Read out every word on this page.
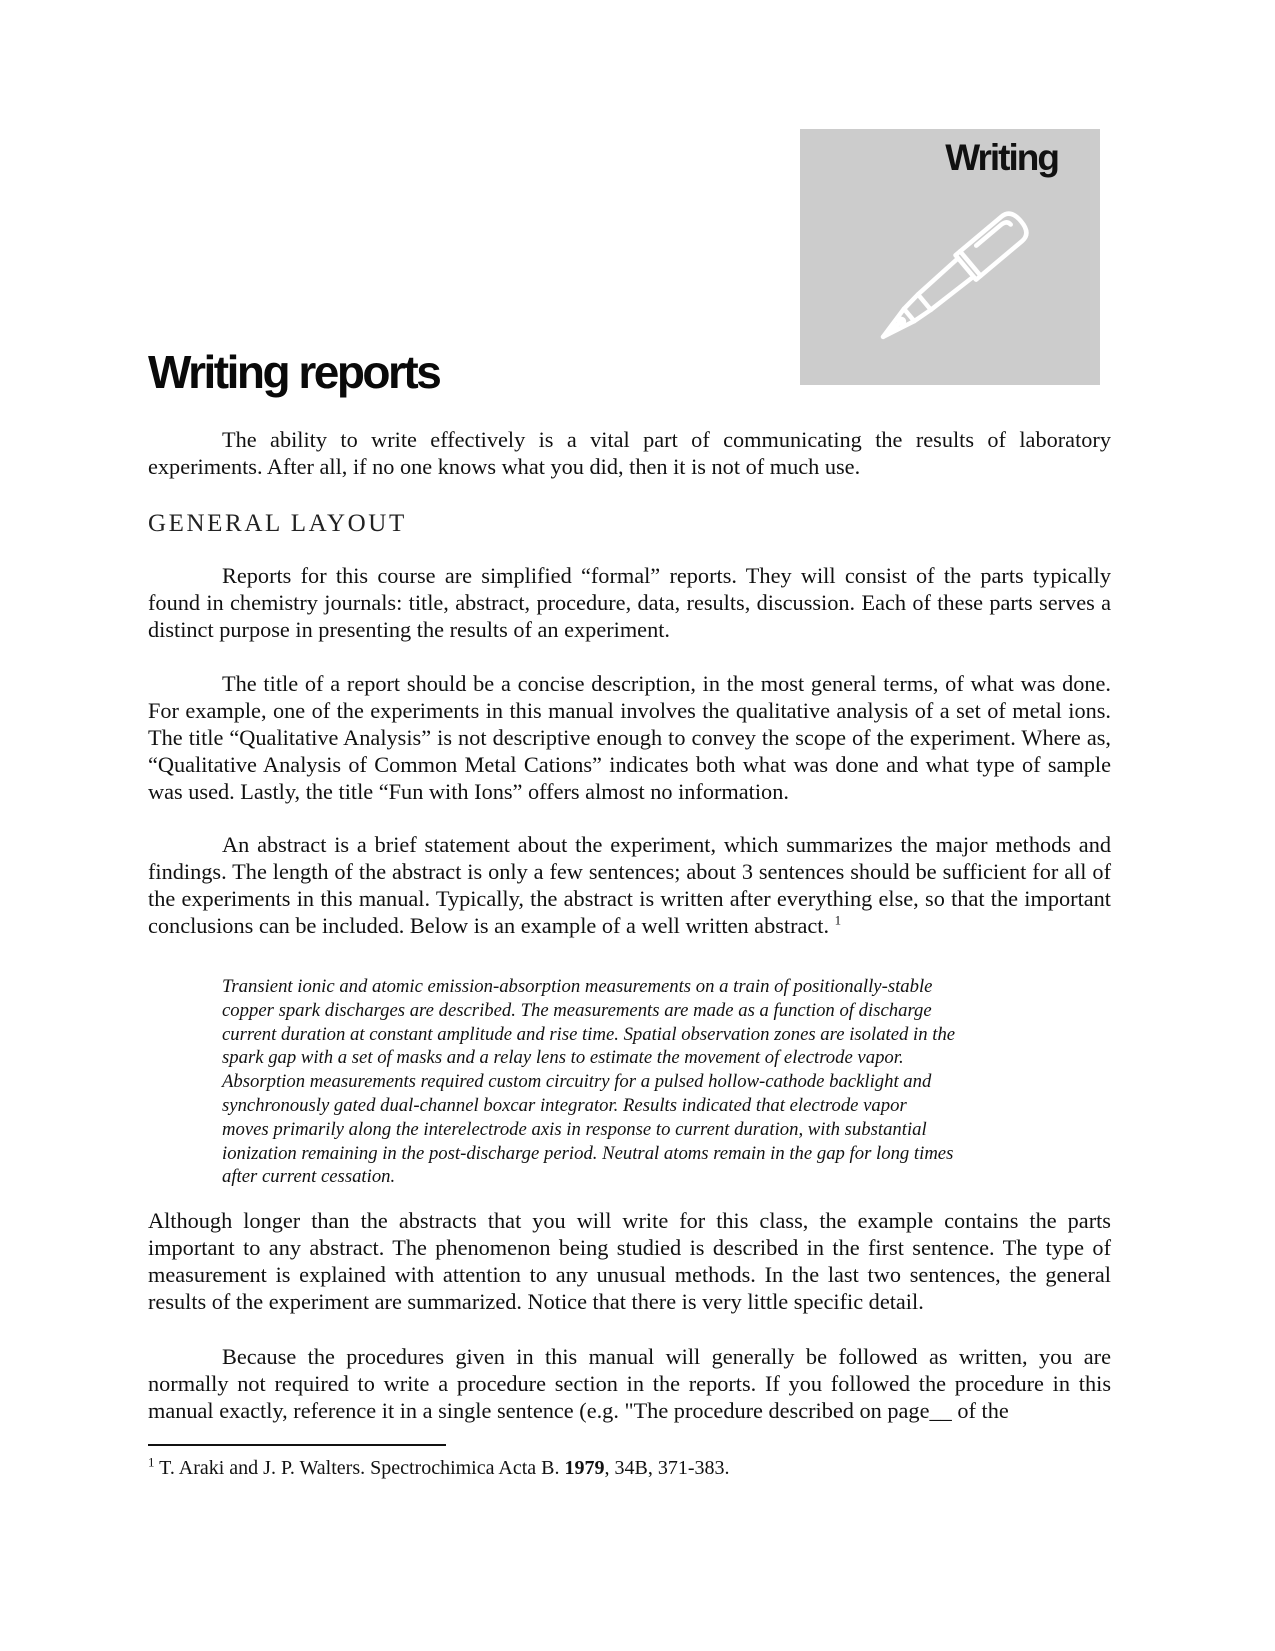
Writing
Writing reports

The ability to write effectively is a vital part of communicating the results of laboratory experiments. After all, if no one knows what you did, then it is not of much use.

GENERAL LAYOUT

Reports for this course are simplified “formal” reports. They will consist of the parts typically found in chemistry journals: title, abstract, procedure, data, results, discussion. Each of these parts serves a distinct purpose in presenting the results of an experiment.

The title of a report should be a concise description, in the most general terms, of what was done. For example, one of the experiments in this manual involves the qualitative analysis of a set of metal ions. The title “Qualitative Analysis” is not descriptive enough to convey the scope of the experiment. Where as, “Qualitative Analysis of Common Metal Cations” indicates both what was done and what type of sample was used. Lastly, the title “Fun with Ions” offers almost no information.

An abstract is a brief statement about the experiment, which summarizes the major methods and findings. The length of the abstract is only a few sentences; about 3 sentences should be sufficient for all of the experiments in this manual. Typically, the abstract is written after everything else, so that the important conclusions can be included. Below is an example of a well written abstract. $^1$

Transient ionic and atomic emission-absorption measurements on a train of positionally-stable
copper spark discharges are described. The measurements are made as a function of discharge
current duration at constant amplitude and rise time. Spatial observation zones are isolated in the
spark gap with a set of masks and a relay lens to estimate the movement of electrode vapor.
Absorption measurements required custom circuitry for a pulsed hollow-cathode backlight and
synchronously gated dual-channel boxcar integrator. Results indicated that electrode vapor
moves primarily along the interelectrode axis in response to current duration, with substantial
ionization remaining in the post-discharge period. Neutral atoms remain in the gap for long times
after current cessation.

Although longer than the abstracts that you will write for this class, the example contains the parts important to any abstract. The phenomenon being studied is described in the first sentence. The type of measurement is explained with attention to any unusual methods. In the last two sentences, the general results of the experiment are summarized. Notice that there is very little specific detail.

Because the procedures given in this manual will generally be followed as written, you are normally not required to write a procedure section in the reports. If you followed the procedure in this manual exactly, reference it in a single sentence (e.g. "The procedure described on page__ of the

$^1$ T. Araki and J. P. Walters. Spectrochimica Acta B. 1979, 34B, 371-383.
